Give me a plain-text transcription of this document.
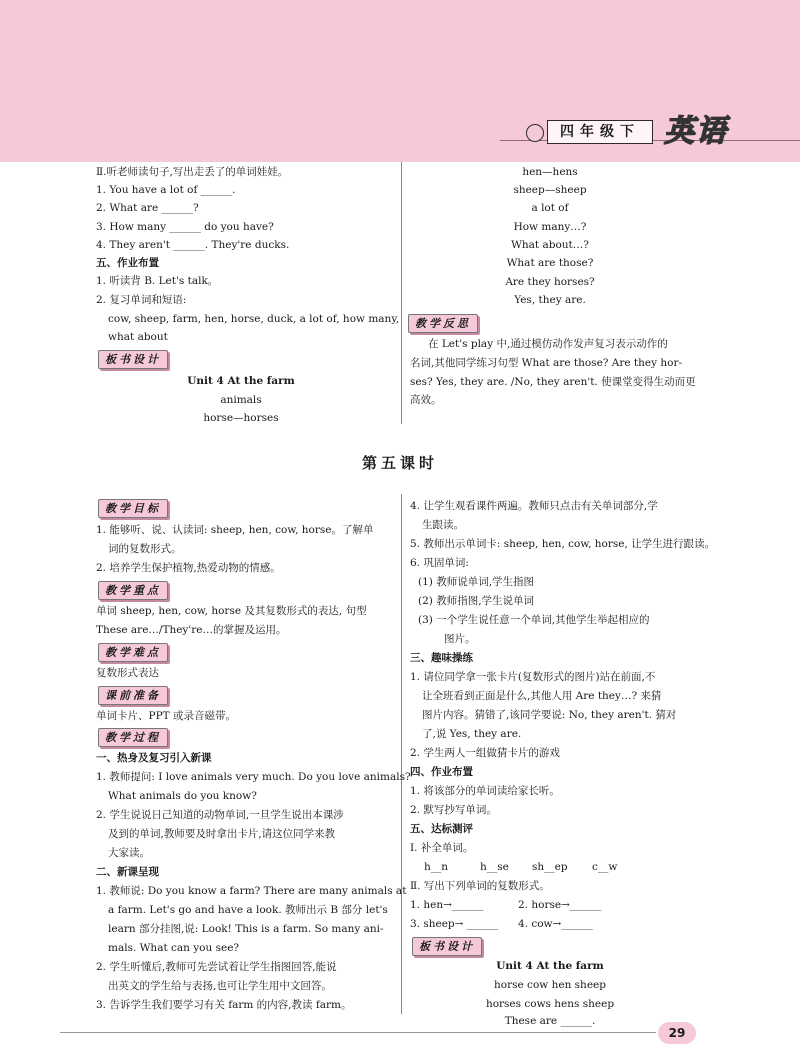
四年级下 英语
Ⅱ.听老师读句子,写出走丢了的单词娃娃。
1. You have a lot of ______.
2. What are ______?
3. How many ______ do you have?
4. They aren't ______. They're ducks.
五、作业布置
1. 听读背 B. Let's talk。
2. 复习单词和短语:
cow, sheep, farm, hen, horse, duck, a lot of, how many,
what about
板书设计
Unit 4 At the farm
animals
horse—horses
hen—hens
sheep—sheep
a lot of
How many…?
What about…?
What are those?
Are they horses?
Yes, they are.
教学反思
在 Let's play 中,通过模仿动作发声复习表示动作的
名词,其他同学练习句型 What are those? Are they hor-
ses? Yes, they are. /No, they aren't. 使课堂变得生动而更
高效。
第五课时
教学目标
1. 能够听、说、认读词: sheep, hen, cow, horse。了解单
词的复数形式。
2. 培养学生保护植物,热爱动物的情感。
教学重点
单词 sheep, hen, cow, horse 及其复数形式的表达, 句型
These are…/They're…的掌握及运用。
教学难点
复数形式表达
课前准备
单词卡片、PPT 或录音磁带。
教学过程
一、热身及复习引入新课
1. 教师提问: I love animals very much. Do you love animals?
What animals do you know?
2. 学生说说日己知道的动物单词,一旦学生说出本课涉
及到的单词,教师要及时拿出卡片,请这位同学来教
大家读。
二、新课呈现
1. 教师说: Do you know a farm? There are many animals at
a farm. Let's go and have a look. 教师出示 B 部分 let's
learn 部分挂图,说: Look! This is a farm. So many ani-
mals. What can you see?
2. 学生听懂后,教师可先尝试着让学生指图回答,能说
出英文的学生给与表扬,也可让学生用中文回答。
3. 告诉学生我们要学习有关 farm 的内容,教读 farm。
4. 让学生观看课件两遍。教师只点击有关单词部分,学
生跟读。
5. 教师出示单词卡: sheep, hen, cow, horse, 让学生进行跟读。
6. 巩固单词:
(1) 教师说单词,学生指图
(2) 教师指图,学生说单词
(3) 一个学生说任意一个单词,其他学生举起相应的
图片。
三、趣味操练
1. 请位同学拿一张卡片(复数形式的图片)站在前面,不
让全班看到正面是什么,其他人用 Are they…? 来猜
图片内容。猜错了,该同学要说: No, they aren't. 猜对
了,说 Yes, they are.
2. 学生两人一组做猜卡片的游戏
四、作业布置
1. 将该部分的单词读给家长听。
2. 默写抄写单词。
五、达标测评
Ⅰ. 补全单词。
h__n	h__se sh__ep c__w
Ⅱ. 写出下列单词的复数形式。
1. hen→______	2. horse→______
3. sheep→ ______ 4. cow→______
板书设计
Unit 4 At the farm
horse cow hen sheep
horses cows hens sheep
These are ______.
29
